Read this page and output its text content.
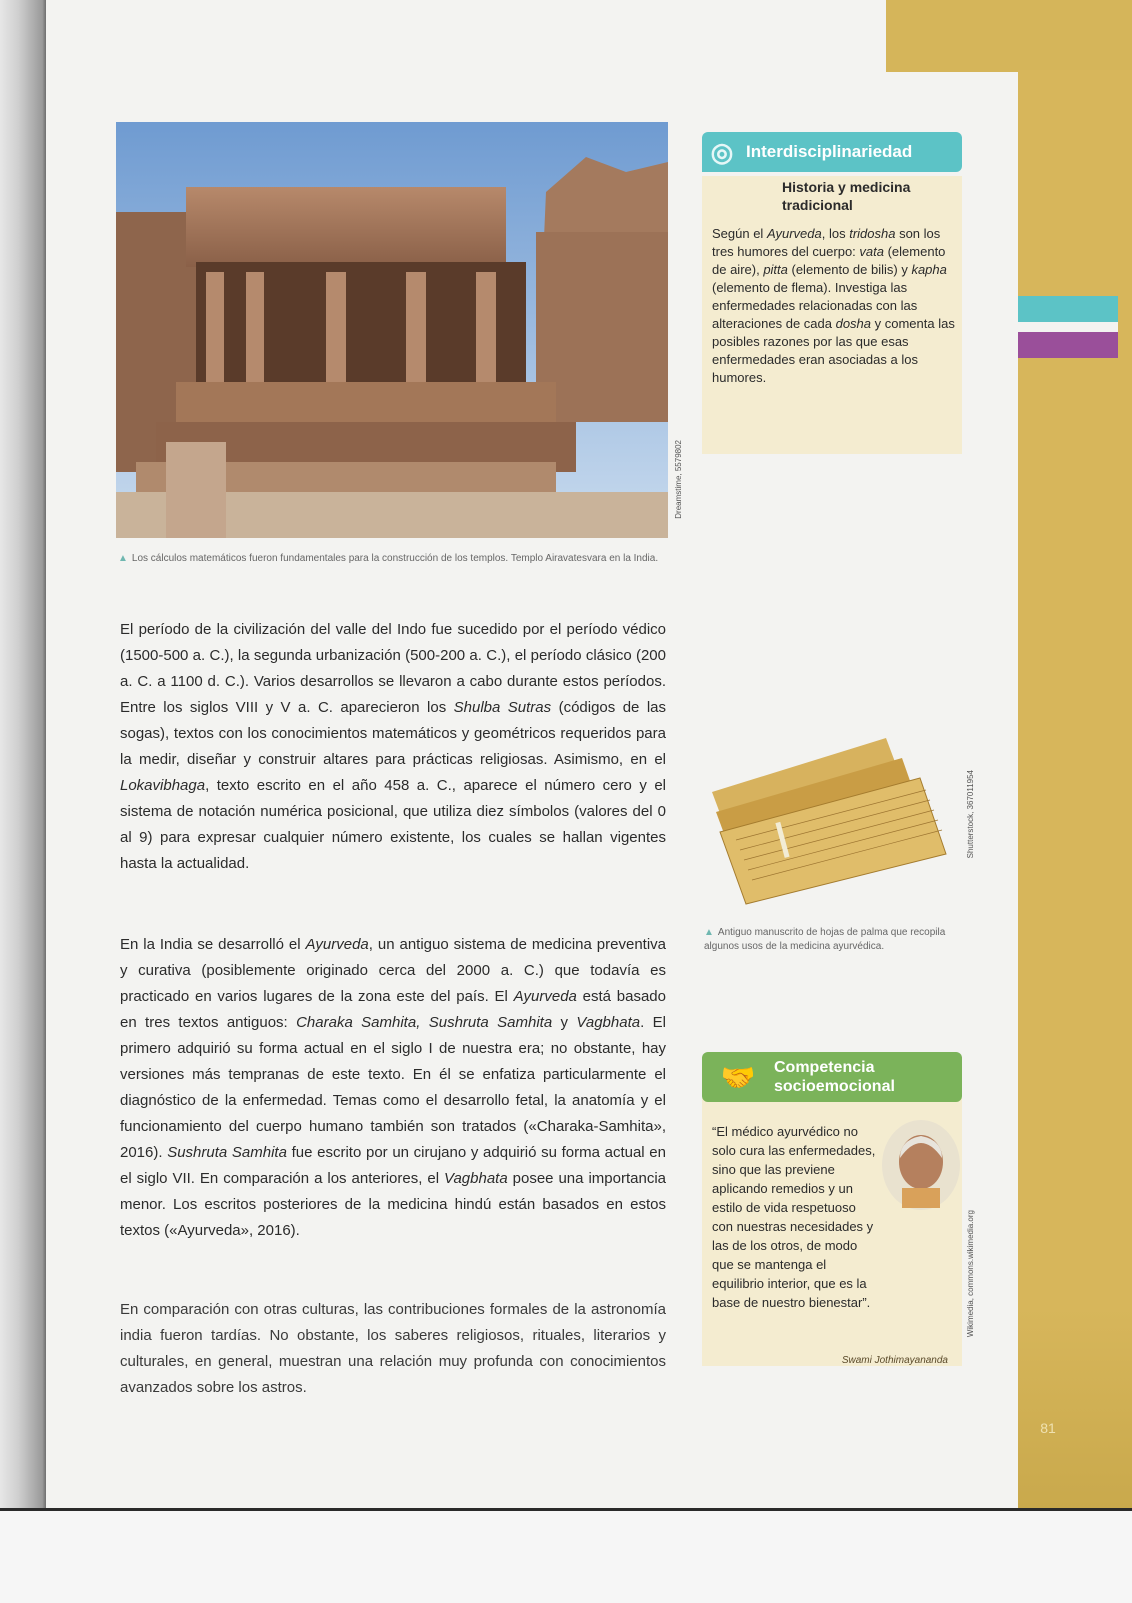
81
Dreamstime, 5579802
▲ Los cálculos matemáticos fueron fundamentales para la construcción de los templos. Templo Airavatesvara en la India.

El período de la civilización del valle del Indo fue sucedido por el período védico (1500-500 a. C.), la segunda urbanización (500-200 a. C.), el período clásico (200 a. C. a 1100 d. C.). Varios desarrollos se llevaron a cabo durante estos períodos. Entre los siglos VIII y V a. C. aparecieron los Shulba Sutras (códigos de las sogas), textos con los conocimientos matemáticos y geométricos requeridos para la medir, diseñar y construir altares para prácticas religiosas. Asimismo, en el Lokavibhaga, texto escrito en el año 458 a. C., aparece el número cero y el sistema de notación numérica posicional, que utiliza diez símbolos (valores del 0 al 9) para expresar cualquier número existente, los cuales se hallan vigentes hasta la actualidad.

En la India se desarrolló el Ayurveda, un antiguo sistema de medicina preventiva y curativa (posiblemente originado cerca del 2000 a. C.) que todavía es practicado en varios lugares de la zona este del país. El Ayurveda está basado en tres textos antiguos: Charaka Samhita, Sushruta Samhita y Vagbhata. El primero adquirió su forma actual en el siglo I de nuestra era; no obstante, hay versiones más tempranas de este texto. En él se enfatiza particularmente el diagnóstico de la enfermedad. Temas como el desarrollo fetal, la anatomía y el funcionamiento del cuerpo humano también son tratados («Charaka-Samhita», 2016). Sushruta Samhita fue escrito por un cirujano y adquirió su forma actual en el siglo VII. En comparación a los anteriores, el Vagbhata posee una importancia menor. Los escritos posteriores de la medicina hindú están basados en estos textos («Ayurveda», 2016).

En comparación con otras culturas, las contribuciones formales de la astronomía india fueron tardías. No obstante, los saberes religiosos, rituales, literarios y culturales, en general, muestran una relación muy profunda con conocimientos avanzados sobre los astros.

◎ Interdisciplinariedad
Historia y medicina tradicional
Según el Ayurveda, los tridosha son los tres humores del cuerpo: vata (elemento de aire), pitta (elemento de bilis) y kapha (elemento de flema). Investiga las enfermedades relacionadas con las alteraciones de cada dosha y comenta las posibles razones por las que esas enfermedades eran asociadas a los humores.
Shutterstock, 367011954
▲ Antiguo manuscrito de hojas de palma que recopila algunos usos de la medicina ayurvédica.
🤝	Competencia
socioemocional
“El médico ayurvédico no solo cura las enfermedades, sino que las previene aplicando remedios y un estilo de vida respetuoso con nuestras necesidades y las de los otros, de modo que se mantenga el equilibrio interior, que es la base de nuestro bienestar”.
Swami Jothimayananda
Wikimedia, commons.wikimedia.org
